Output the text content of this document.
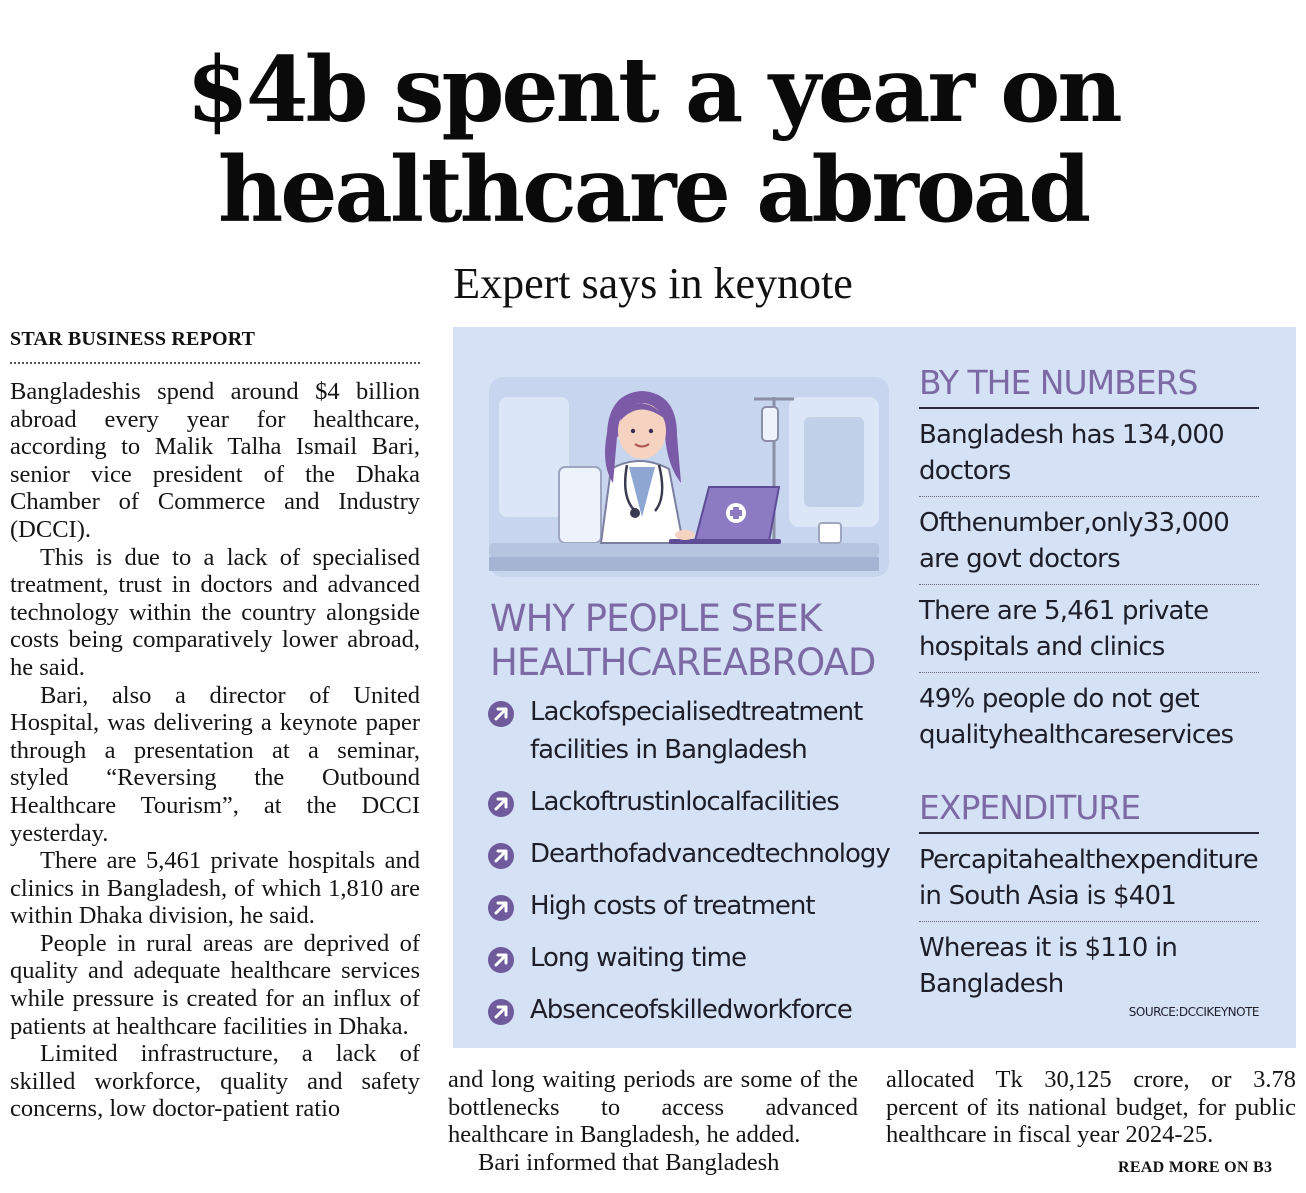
$4b spent a year on
healthcare abroad
Expert says in keynote
STAR BUSINESS REPORT

Bangladeshis spend around $4 billion abroad every year for healthcare, according to Malik Talha Ismail Bari, senior vice president of the Dhaka Chamber of Commerce and Industry (DCCI).

This is due to a lack of specialised treatment, trust in doctors and advanced technology within the country alongside costs being comparatively lower abroad, he said.

Bari, also a director of United Hospital, was delivering a keynote paper through a presentation at a seminar, styled “Reversing the Outbound Healthcare Tourism”, at the DCCI yesterday.

There are 5,461 private hospitals and clinics in Bangladesh, of which 1,810 are within Dhaka division, he said.

People in rural areas are deprived of quality and adequate healthcare services while pressure is created for an influx of patients at healthcare facilities in Dhaka.

Limited infrastructure, a lack of skilled workforce, quality and safety concerns, low doctor-patient ratio

and long waiting periods are some of the bottlenecks to access advanced healthcare in Bangladesh, he added.

Bari informed that Bangladesh

allocated Tk 30,125 crore, or 3.78 percent of its national budget, for public healthcare in fiscal year 2024-25.

READ MORE ON B3
WHY PEOPLE SEEK HEALTHCAREABROAD
Lackofspecialisedtreatment facilities in Bangladesh
Lackoftrustinlocalfacilities
Dearthofadvancedtechnology
High costs of treatment
Long waiting time
Absenceofskilledworkforce
BY THE NUMBERS
Bangladesh has 134,000 doctors
Ofthenumber,only33,000 are govt doctors
There are 5,461 private hospitals and clinics
49% people do not get qualityhealthcareservices
EXPENDITURE
Percapitahealthexpenditure in South Asia is $401
Whereas it is $110 in Bangladesh
SOURCE:DCCIKEYNOTE
